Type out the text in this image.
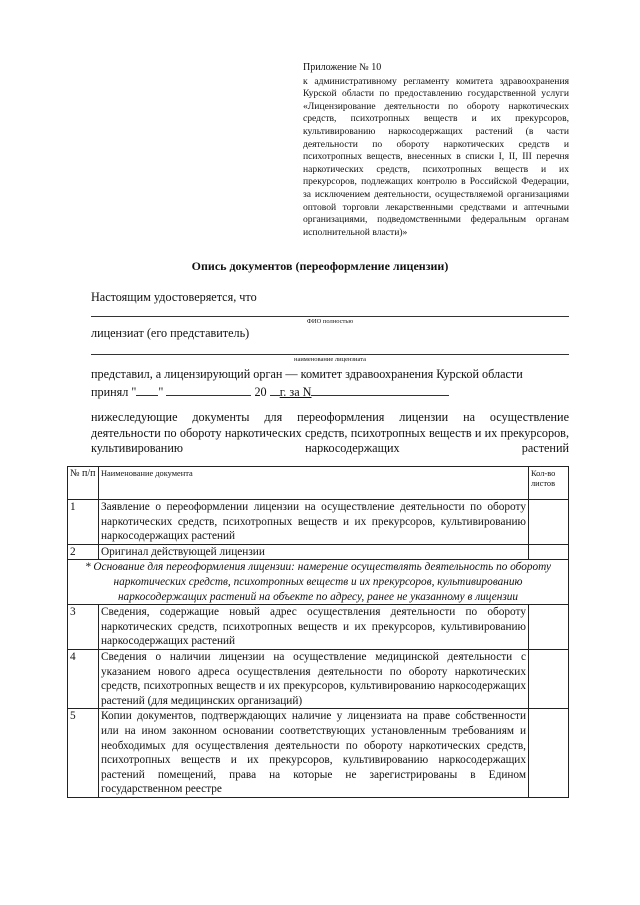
Приложение № 10
к административному регламенту комитета здравоохранения Курской области по предоставлению государственной услуги «Лицензирование деятельности по обороту наркотических средств, психотропных веществ и их прекурсоров, культивированию наркосодержащих растений (в части деятельности по обороту наркотических средств и психотропных веществ, внесенных в списки I, II, III перечня наркотических средств, психотропных веществ и их прекурсоров, подлежащих контролю в Российской Федерации, за исключением деятельности, осуществляемой организациями оптовой торговли лекарственными средствами и аптечными организациями, подведомственными федеральным органам исполнительной власти)»
Опись документов (переоформление лицензии)
Настоящим удостоверяется, что
ФИО полностью
лицензиат (его представитель)
наименование лицензиата
представил, а лицензирующий орган — комитет здравоохранения Курской области
принял " "	20 г. за N
нижеследующие документы для переоформления лицензии на осуществление деятельности по обороту наркотических средств, психотропных веществ и их прекурсоров, культивированию наркосодержащих растений
№ п/п	Наименование документа	Кол-во листов
1	Заявление о переоформлении лицензии на осуществление деятельности по обороту наркотических средств, психотропных веществ и их прекурсоров, культивированию наркосодержащих растений	
2	Оригинал действующей лицензии	
* Основание для переоформления лицензии: намерение осуществлять деятельность по обороту наркотических средств, психотропных веществ и их прекурсоров, культивированию наркосодержащих растений на объекте по адресу, ранее не указанному в лицензии		
3	Сведения, содержащие новый адрес осуществления деятельности по обороту наркотических средств, психотропных веществ и их прекурсоров, культивированию наркосодержащих растений	
4	Сведения о наличии лицензии на осуществление медицинской деятельности с указанием нового адреса осуществления деятельности по обороту наркотических средств, психотропных веществ и их прекурсоров, культивированию наркосодержащих растений (для медицинских организаций)	
5	Копии документов, подтверждающих наличие у лицензиата на праве собственности или на ином законном основании соответствующих установленным требованиям и необходимых для осуществления деятельности по обороту наркотических средств, психотропных веществ и их прекурсоров, культивированию наркосодержащих растений помещений, права на которые не зарегистрированы в Едином государственном реестре	
